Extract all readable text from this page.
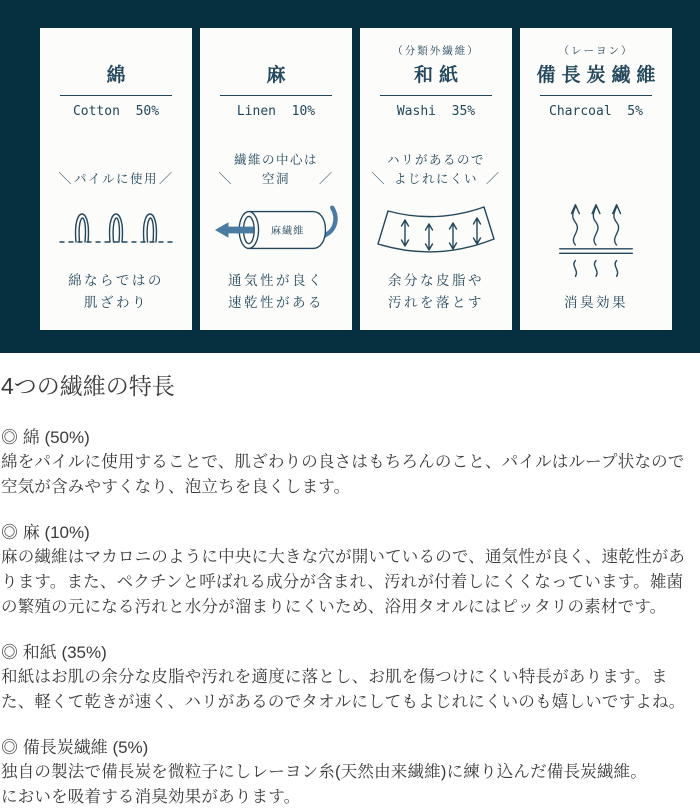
綿
Cotton  50%
＼ パイルに使用 ／
綿ならではの
肌ざわり
麻
Linen  10%
＼
繊維の中心は
空洞	／
麻繊維
通気性が良く
速乾性がある
（分類外繊維）
和紙
Washi  35%
＼
ハリがあるので
よじれにくい ／
余分な皮脂や
汚れを落とす
（レーヨン）
備長炭繊維
Charcoal  5%
消臭効果
4つの繊維の特長
◎ 綿 (50%)

綿をパイルに使用することで、肌ざわりの良さはもちろんのこと、パイルはループ状なので空気が含みやすくなり、泡立ちを良くします。

◎ 麻 (10%)

麻の繊維はマカロニのように中央に大きな穴が開いているので、通気性が良く、速乾性があります。また、ペクチンと呼ばれる成分が含まれ、汚れが付着しにくくなっています。雑菌の繁殖の元になる汚れと水分が溜まりにくいため、浴用タオルにはピッタリの素材です。

◎ 和紙 (35%)

和紙はお肌の余分な皮脂や汚れを適度に落とし、お肌を傷つけにくい特長があります。また、軽くて乾きが速く、ハリがあるのでタオルにしてもよじれにくいのも嬉しいですよね。

◎ 備長炭繊維 (5%)

独自の製法で備長炭を微粒子にしレーヨン糸(天然由来繊維)に練り込んだ備長炭繊維。

においを吸着する消臭効果があります。
